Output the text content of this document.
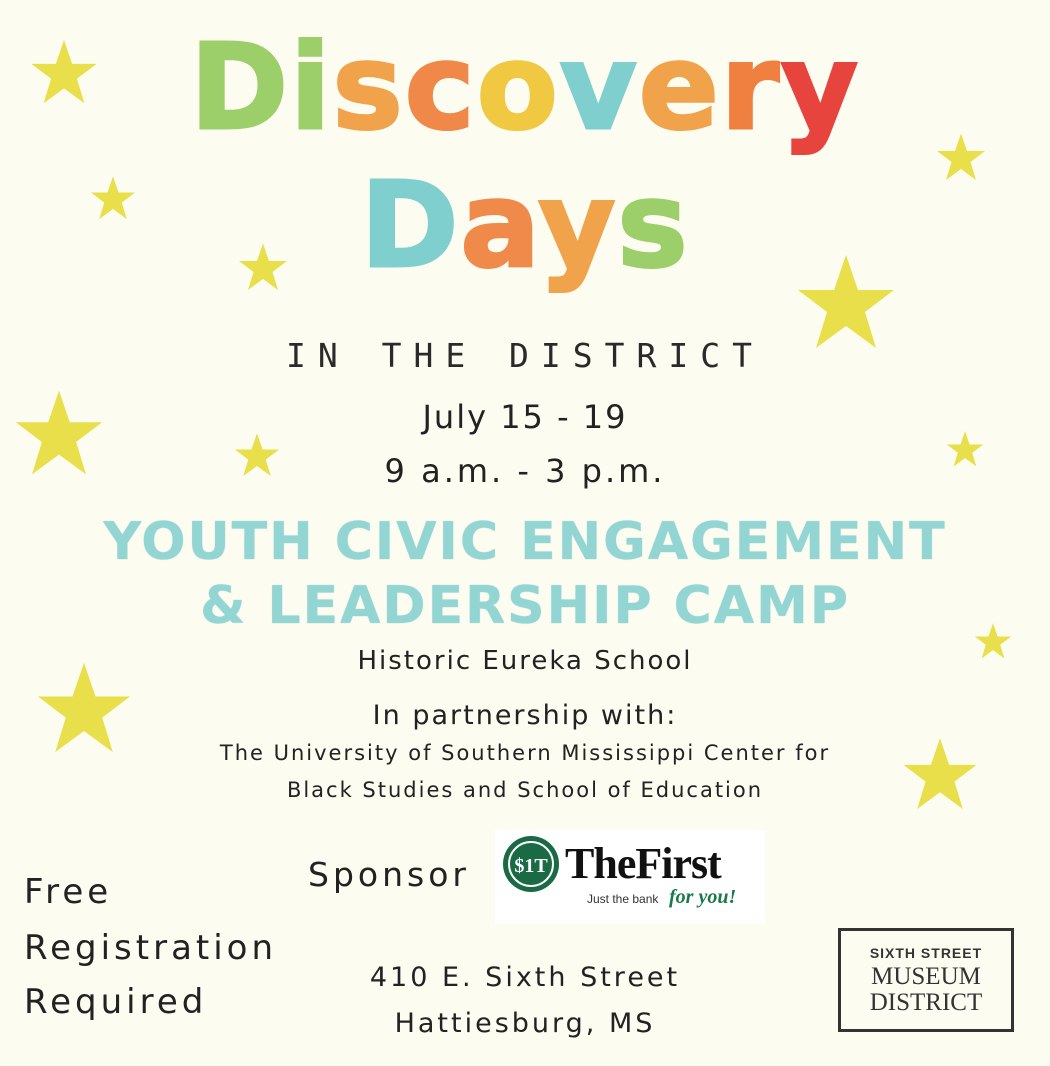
Discovery
Days
IN THE DISTRICT
July 15 - 19
9 a.m. - 3 p.m.
YOUTH CIVIC ENGAGEMENT
& LEADERSHIP CAMP
Historic Eureka School
In partnership with:
The University of Southern Mississippi Center for
Black Studies and School of Education
Sponsor $1T TheFirst
Just the bank for you!
Free
Registration
Required
410 E. Sixth Street
Hattiesburg, MS
SIXTH STREET
MUSEUM
DISTRICT
